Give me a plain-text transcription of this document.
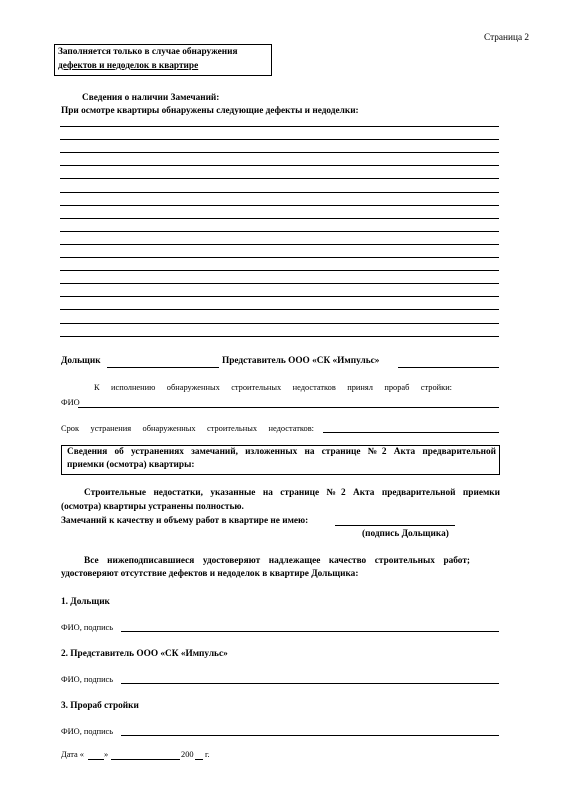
Страница 2
Заполняется только в случае обнаружения
дефектов и недоделок в квартире
Сведения о наличии Замечаний:
При осмотре квартиры обнаружены следующие дефекты и недоделки:
Дольщик	Представитель ООО «СК «Импульс»
К исполнению обнаруженных строительных недостатков принял прораб стройки:
ФИО
Срок устранения обнаруженных строительных недостатков:
Сведения об устранениях замечаний, изложенных на странице №2 Акта предварительной
приемки (осмотра) квартиры:
Строительные недостатки, указанные на странице №2 Акта предварительной приемки
(осмотра) квартиры устранены полностью.
Замечаний к качеству и объему работ в квартире не имею:
(подпись Дольщика)
Все нижеподписавшиеся удостоверяют надлежащее качество строительных работ;
удостоверяют отсутствие дефектов и недоделок в квартире Дольщика:
1. Дольщик
ФИО, подпись
2. Представитель ООО «СК «Импульс»
ФИО, подпись
3. Прораб стройки
ФИО, подпись
Дата « »	200 г.
